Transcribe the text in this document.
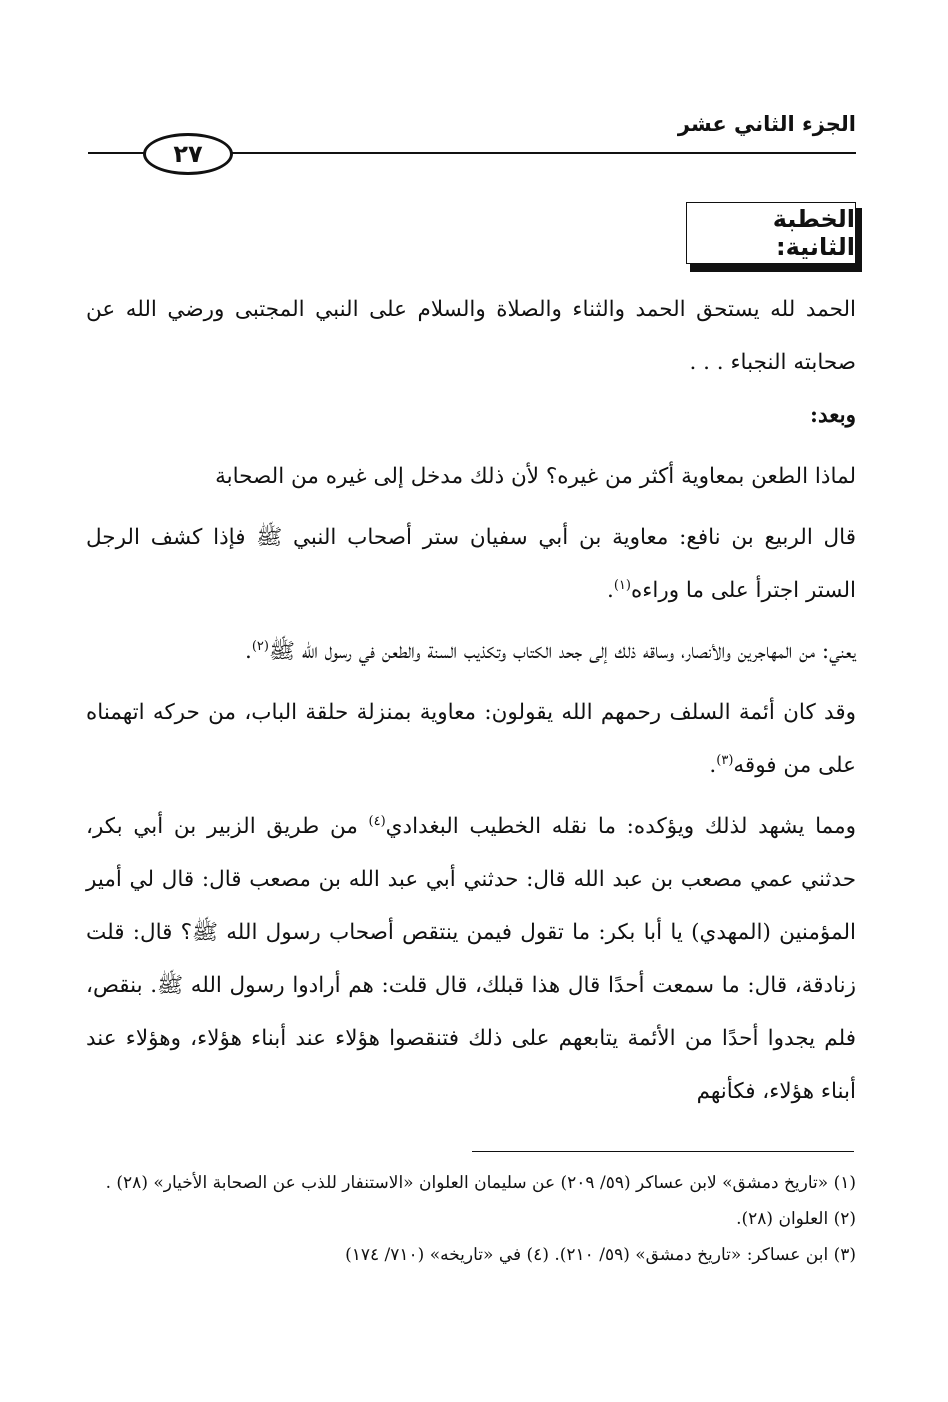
الجزء الثاني عشر
٢٧
الخطبة الثانية:

الحمد لله يستحق الحمد والثناء والصلاة والسلام على النبي المجتبى ورضي الله عن صحابته النجباء . . .

وبعد:

لماذا الطعن بمعاوية أكثر من غيره؟ لأن ذلك مدخل إلى غيره من الصحابة

قال الربيع بن نافع: معاوية بن أبي سفيان ستر أصحاب النبي ﷺ فإذا كشف الرجل الستر اجترأ على ما وراءه$^{(١)}$.

يعني: من المهاجرين والأنصار، وساقه ذلك إلى جحد الكتاب وتكذيب السنة والطعن في رسول الله ﷺ$^{(٢)}$.

وقد كان أئمة السلف رحمهم الله يقولون: معاوية بمنزلة حلقة الباب، من حركه اتهمناه على من فوقه$^{(٣)}$.

ومما يشهد لذلك ويؤكده: ما نقله الخطيب البغدادي$^{(٤)}$ من طريق الزبير بن أبي بكر، حدثني عمي مصعب بن عبد الله قال: حدثني أبي عبد الله بن مصعب قال: قال لي أمير المؤمنين (المهدي) يا أبا بكر: ما تقول فيمن ينتقص أصحاب رسول الله ﷺ؟ قال: قلت زنادقة، قال: ما سمعت أحدًا قال هذا قبلك، قال قلت: هم أرادوا رسول الله ﷺ. بنقص، فلم يجدوا أحدًا من الأئمة يتابعهم على ذلك فتنقصوا هؤلاء عند أبناء هؤلاء، وهؤلاء عند أبناء هؤلاء، فكأنهم

(١) «تاريخ دمشق» لابن عساكر (٥٩/ ٢٠٩) عن سليمان العلوان «الاستنفار للذب عن الصحابة الأخيار» (٢٨) .

(٢) العلوان (٢٨).

(٣) ابن عساكر: «تاريخ دمشق» (٥٩/ ٢١٠). (٤) في «تاريخه» (٧١٠/ ١٧٤)
